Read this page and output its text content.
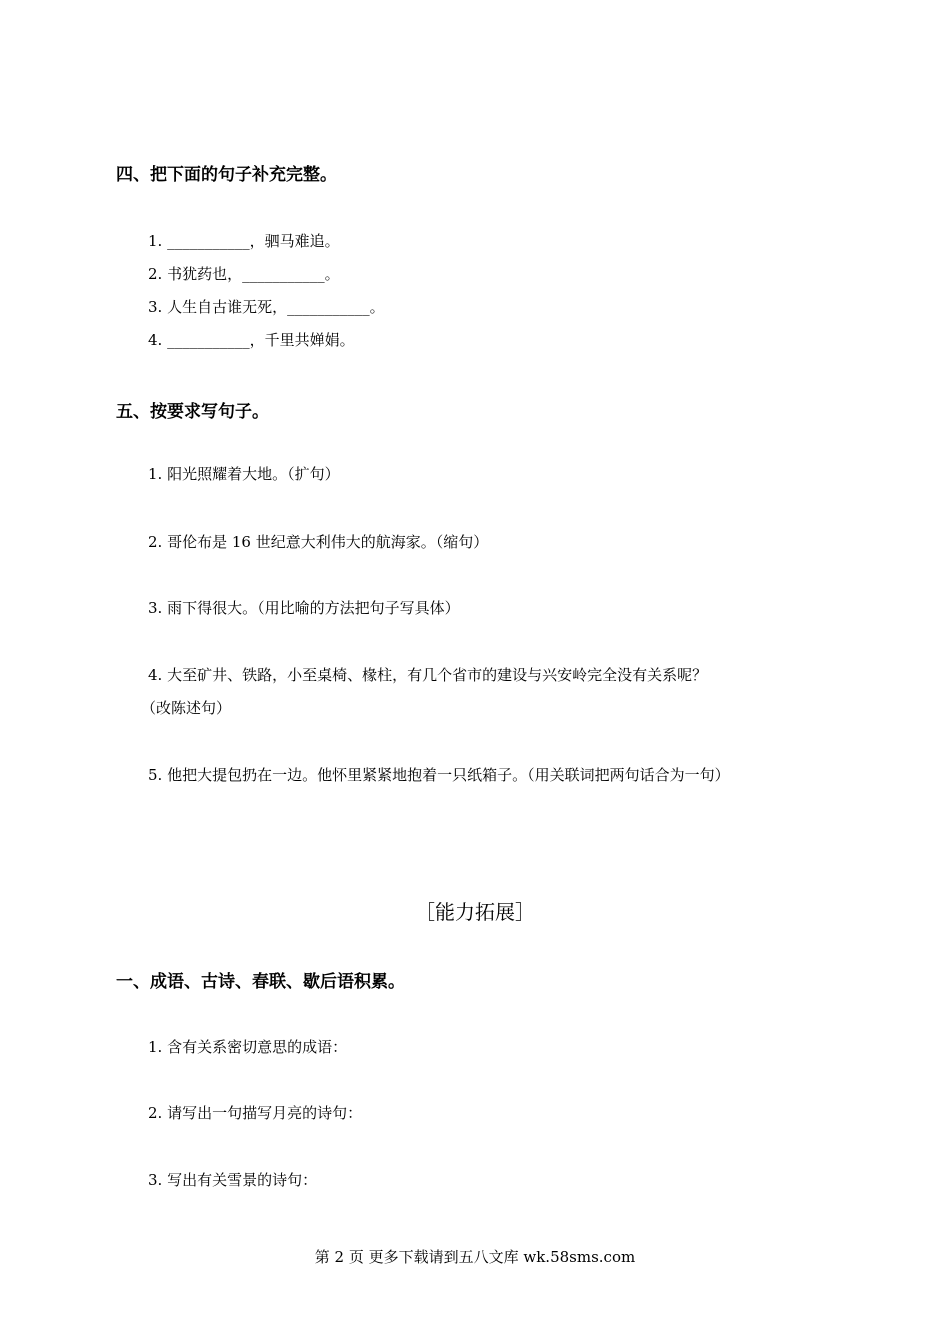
四、把下面的句子补充完整。
1. ___________，驷马难追。
2. 书犹药也，___________。
3. 人生自古谁无死，___________。
4. ___________，千里共婵娟。
五、按要求写句子。
1. 阳光照耀着大地。（扩句）
2. 哥伦布是 16 世纪意大利伟大的航海家。（缩句）
3. 雨下得很大。（用比喻的方法把句子写具体）
4. 大至矿井、铁路，小至桌椅、椽柱，有几个省市的建设与兴安岭完全没有关系呢？
（改陈述句）
5. 他把大提包扔在一边。他怀里紧紧地抱着一只纸箱子。（用关联词把两句话合为一句）
［能力拓展］
一、成语、古诗、春联、歇后语积累。
1. 含有关系密切意思的成语：
2. 请写出一句描写月亮的诗句：
3. 写出有关雪景的诗句：
第 2 页 更多下载请到五八文库 wk.58sms.com
